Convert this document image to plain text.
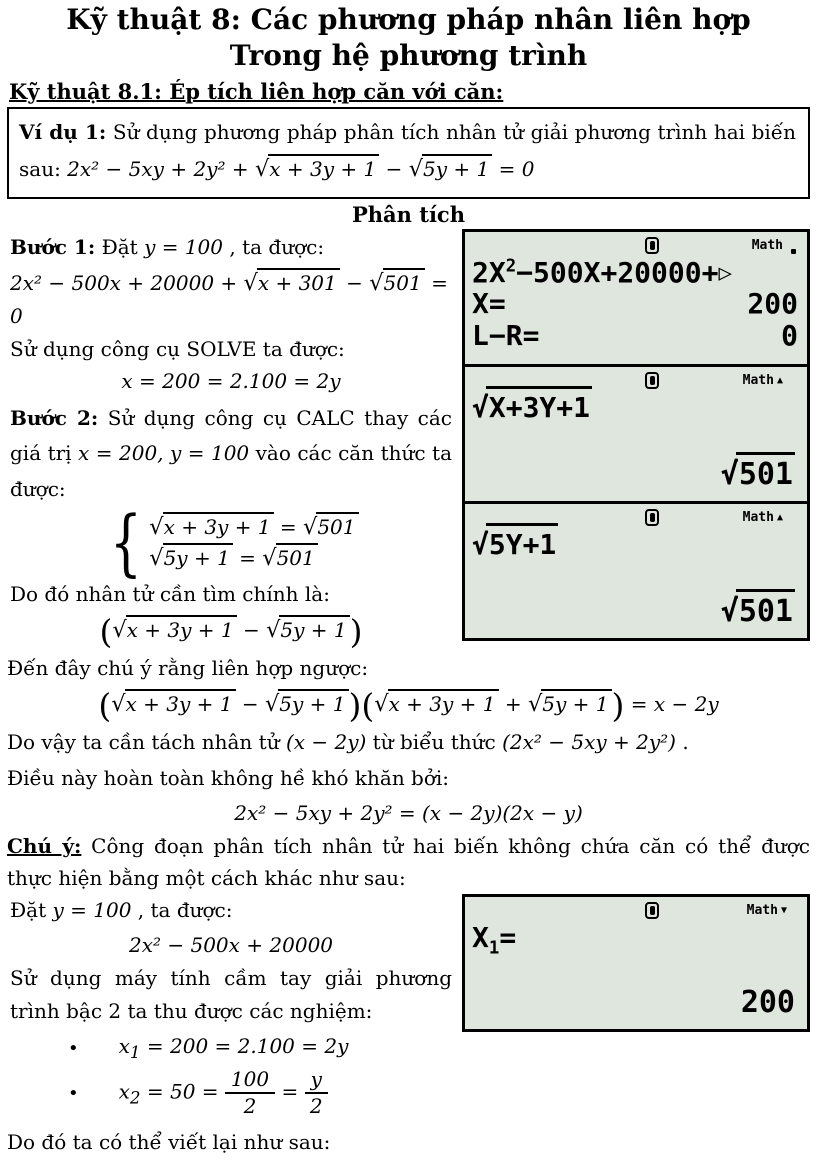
Kỹ thuật 8: Các phương pháp nhân liên hợp
Trong hệ phương trình
Kỹ thuật 8.1: Ép tích liên hợp căn với căn:
Ví dụ 1: Sử dụng phương pháp phân tích nhân tử giải phương trình hai biến sau: 2x² − 5xy + 2y² + √x + 3y + 1 − √5y + 1 = 0
Phân tích
Bước 1: Đặt y = 100 , ta được:
2x² − 500x + 20000 + √x + 301 − √501 = 0
Sử dụng công cụ SOLVE ta được:
x = 200 = 2.100 = 2y
Bước 2: Sử dụng công cụ CALC thay các giá trị x = 200, y = 100 vào các căn thức ta được:
{ √x + 3y + 1 = √501
√5y + 1 = √501
Do đó nhân tử cần tìm chính là:
(√x + 3y + 1 − √5y + 1)
Math
$2X^2-500X+20000+▷$
X=	200
L−R=	0
Math ▲
√ X+3Y+1
√ 501
Math ▲
√ 5Y+1
√ 501
Đến đây chú ý rằng liên hợp ngược:
(√x + 3y + 1 − √5y + 1)(√x + 3y + 1 + √5y + 1) = x − 2y
Do vậy ta cần tách nhân tử (x − 2y) từ biểu thức (2x² − 5xy + 2y²) .
Điều này hoàn toàn không hề khó khăn bởi:
2x² − 5xy + 2y² = (x − 2y)(2x − y)
Chú ý: Công đoạn phân tích nhân tử hai biến không chứa căn có thể được thực hiện bằng một cách khác như sau:
Đặt y = 100 , ta được:
2x² − 500x + 20000
Sử dụng máy tính cầm tay giải phương trình bậc 2 ta thu được các nghiệm:
• $x_1 = 200 = 2.100 = 2y$
• $x_2 = 50 = \frac{100}{2} = \frac{y}{2}$
Math ▼
$X_1=$
200
Do đó ta có thể viết lại như sau:
